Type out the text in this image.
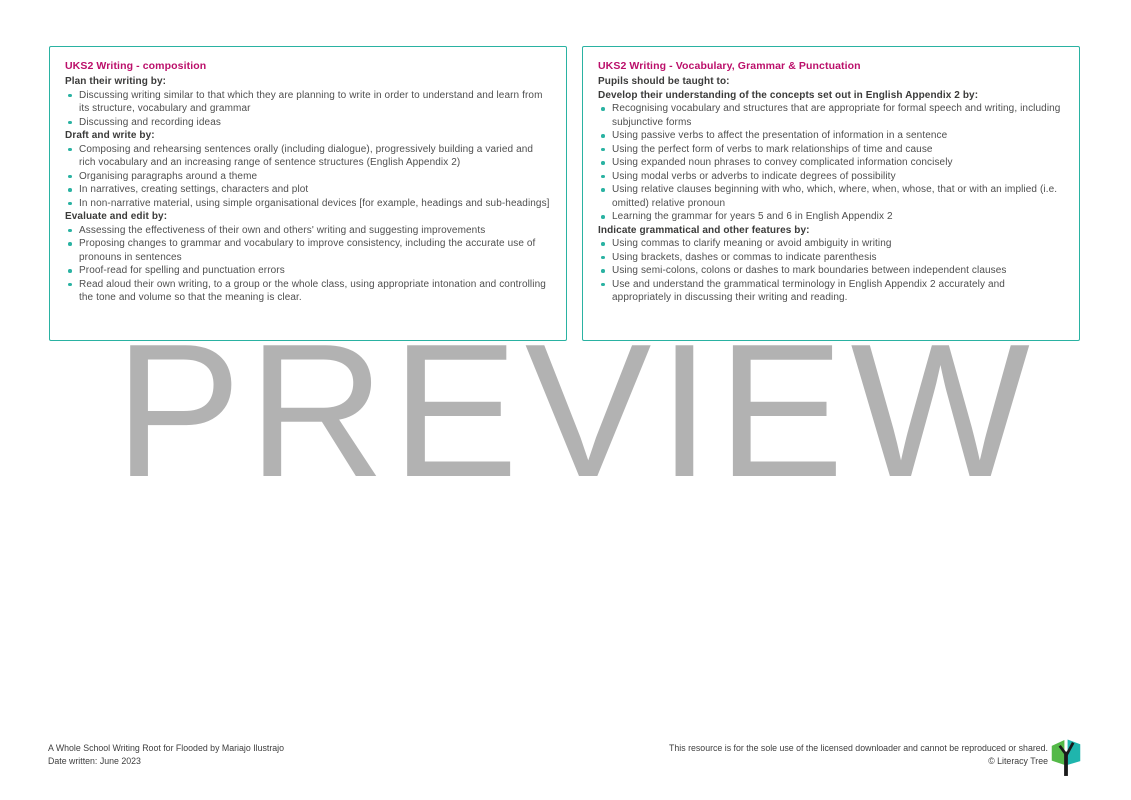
UKS2 Writing - composition
Plan their writing by:
Discussing writing similar to that which they are planning to write in order to understand and learn from its structure, vocabulary and grammar
Discussing and recording ideas
Draft and write by:
Composing and rehearsing sentences orally (including dialogue), progressively building a varied and rich vocabulary and an increasing range of sentence structures (English Appendix 2)
Organising paragraphs around a theme
In narratives, creating settings, characters and plot
In non-narrative material, using simple organisational devices [for example, headings and sub-headings]
Evaluate and edit by:
Assessing the effectiveness of their own and others' writing and suggesting improvements
Proposing changes to grammar and vocabulary to improve consistency, including the accurate use of pronouns in sentences
Proof-read for spelling and punctuation errors
Read aloud their own writing, to a group or the whole class, using appropriate intonation and controlling the tone and volume so that the meaning is clear.
UKS2 Writing - Vocabulary, Grammar & Punctuation
Pupils should be taught to:
Develop their understanding of the concepts set out in English Appendix 2 by:
Recognising vocabulary and structures that are appropriate for formal speech and writing, including subjunctive forms
Using passive verbs to affect the presentation of information in a sentence
Using the perfect form of verbs to mark relationships of time and cause
Using expanded noun phrases to convey complicated information concisely
Using modal verbs or adverbs to indicate degrees of possibility
Using relative clauses beginning with who, which, where, when, whose, that or with an implied (i.e. omitted) relative pronoun
Learning the grammar for years 5 and 6 in English Appendix 2
Indicate grammatical and other features by:
Using commas to clarify meaning or avoid ambiguity in writing
Using brackets, dashes or commas to indicate parenthesis
Using semi-colons, colons or dashes to mark boundaries between independent clauses
Use and understand the grammatical terminology in English Appendix 2 accurately and appropriately in discussing their writing and reading.
PREVIEW
A Whole School Writing Root for Flooded by Mariajo Ilustrajo
Date written: June 2023
This resource is for the sole use of the licensed downloader and cannot be reproduced or shared.
© Literacy Tree
